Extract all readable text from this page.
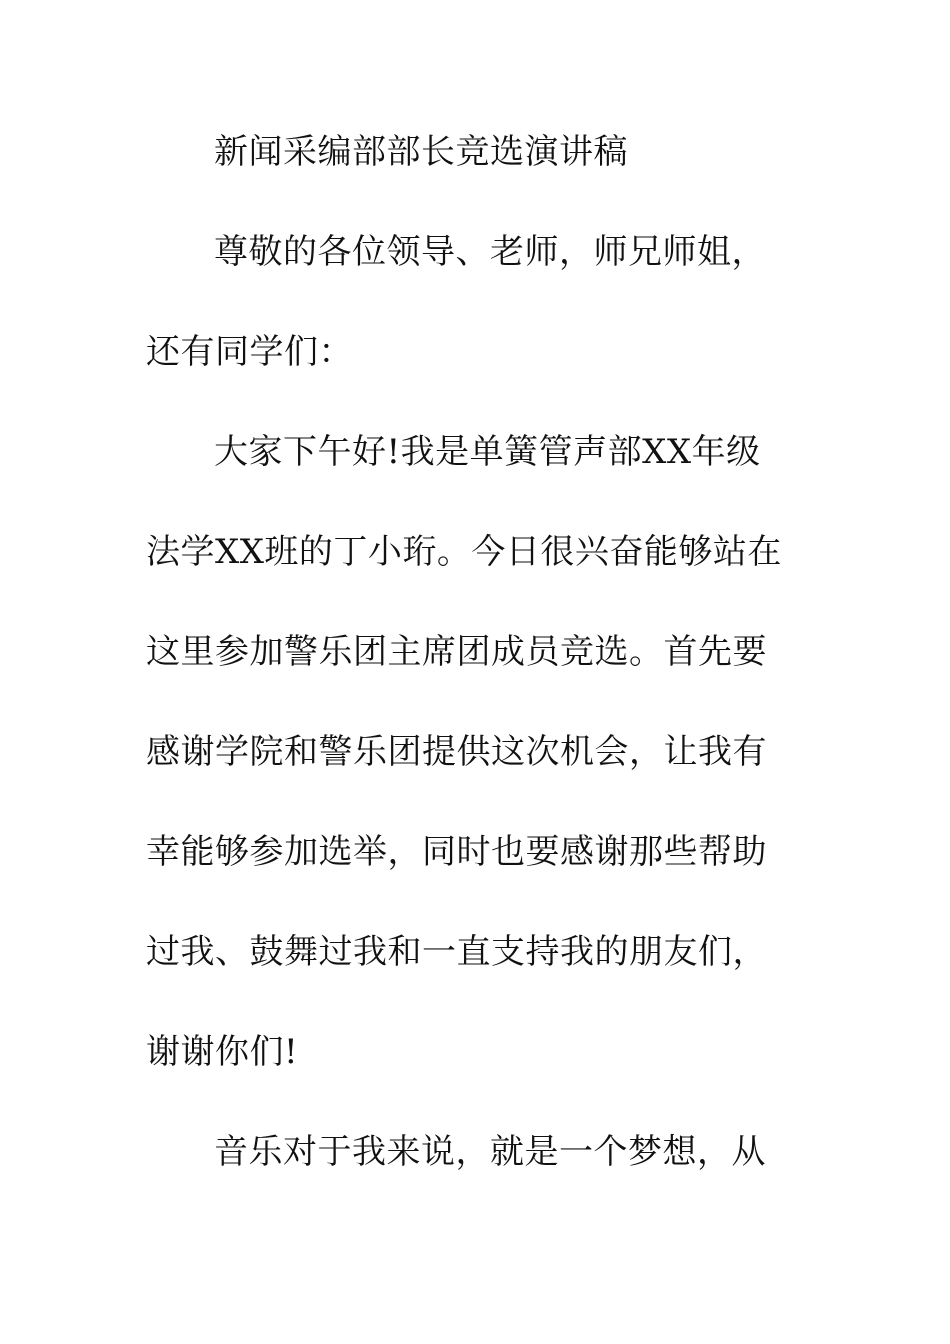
新闻采编部部长竞选演讲稿
尊敬的各位领导、老师，师兄师姐，
还有同学们：
大家下午好!我是单簧管声部XX年级
法学XX班的丁小珩。今日很兴奋能够站在
这里参加警乐团主席团成员竞选。首先要
感谢学院和警乐团提供这次机会，让我有
幸能够参加选举，同时也要感谢那些帮助
过我、鼓舞过我和一直支持我的朋友们，
谢谢你们!
音乐对于我来说，就是一个梦想，从
